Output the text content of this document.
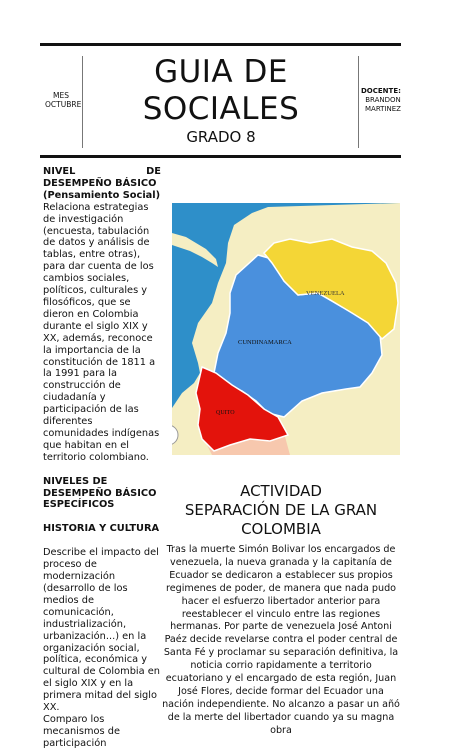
MES
OCTUBRE
GUIA DE
SOCIALES
GRADO 8
DOCENTE:
BRANDON MARTINEZ
NIVEL	DE
DESEMPEÑO BÁSICO (Pensamiento Social)

Relaciona estrategias de investigación (encuesta, tabulación de datos y análisis de tablas, entre otras), para dar cuenta de los cambios sociales, políticos, culturales y filosóficos, que se dieron en Colombia durante el siglo XIX y XX, además, reconoce la importancia de la constitución de 1811 a la 1991 para la construcción de ciudadanía y participación de las diferentes comunidades indígenas que habitan en el territorio colombiano.

NIVELES DE DESEMPEÑO BÁSICO ESPECÍFICOS

HISTORIA Y CULTURA

Describe el impacto del proceso de modernización (desarrollo de los medios de comunicación, industrialización, urbanización...) en la organización social, política, económica y cultural de Colombia en el siglo XIX y en la primera mitad del siglo XX.

Comparo los mecanismos de participación

VENEZUELA
CUNDINAMARCA
QUITO
ACTIVIDAD
SEPARACIÓN DE LA GRAN
COLOMBIA
Tras la muerte Simón Bolivar los encargados de venezuela, la nueva granada y la capitanía de Ecuador se dedicaron a establecer sus propios regimenes de poder, de manera que nada pudo hacer el esfuerzo libertador anterior para reestablecer el vinculo entre las regiones hermanas. Por parte de venezuela José Antoni Paéz decide revelarse contra el poder central de Santa Fé y proclamar su separación definitiva, la noticia corrio rapidamente a territorio ecuatoriano y el encargado de esta región, Juan José Flores, decide formar del Ecuador una nación independiente. No alcanzo a pasar un añó de la merte del libertador cuando ya su magna obra
